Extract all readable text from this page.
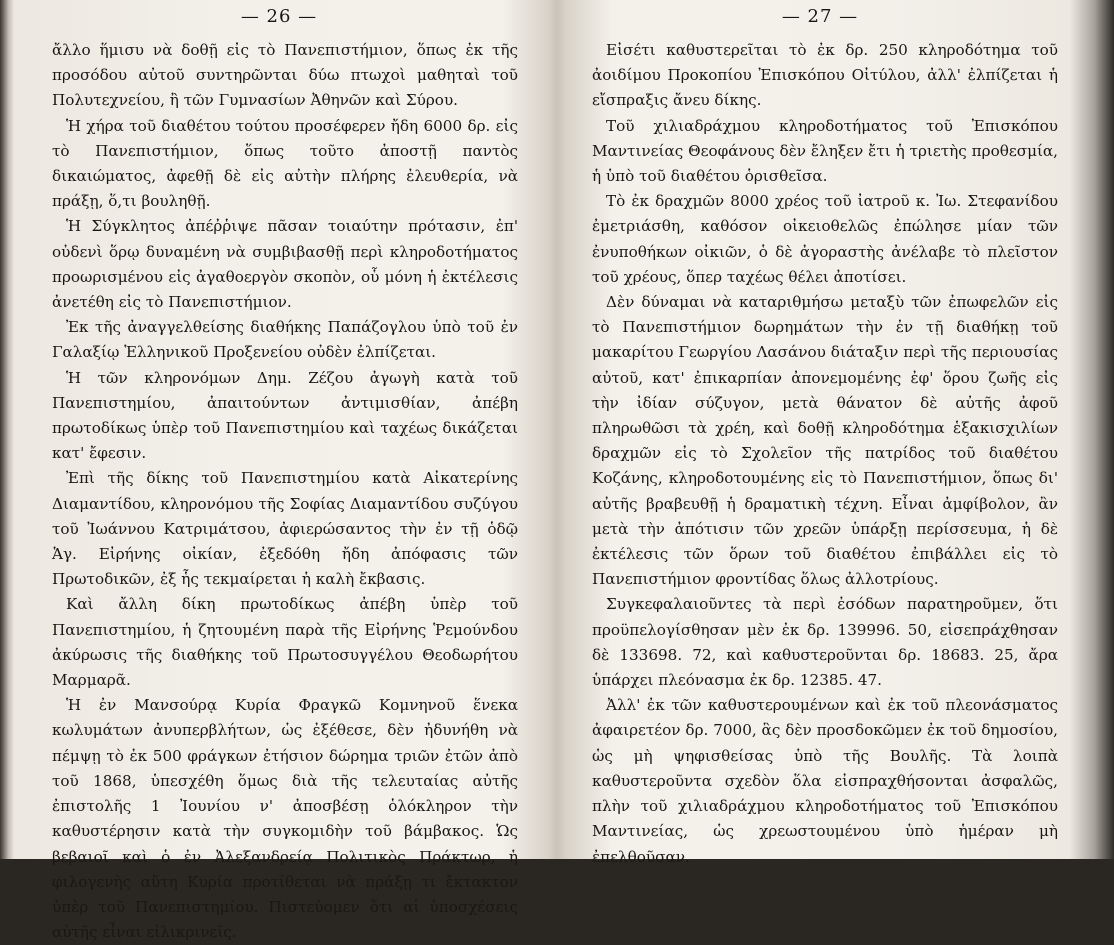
— 26 —

ἄλλο ἥμισυ νὰ δοθῇ εἰς τὸ Πανεπιστήμιον, ὅπως ἐκ τῆς προσόδου αὐτοῦ συντηρῶνται δύω πτωχοὶ μαθηταὶ τοῦ Πολυτεχνείου, ἢ τῶν Γυμνασίων Ἀθηνῶν καὶ Σύρου.

Ἡ χήρα τοῦ διαθέτου τούτου προσέφερεν ἤδη 6000 δρ. εἰς τὸ Πανεπιστήμιον, ὅπως τοῦτο ἀποστῇ παντὸς δικαιώματος, ἀφεθῇ δὲ εἰς αὐτὴν πλήρης ἐλευθερία, νὰ πράξῃ, ὅ,τι βουληθῇ.

Ἡ Σύγκλητος ἀπέῤῥιψε πᾶσαν τοιαύτην πρότασιν, ἐπ' οὐδενὶ ὅρῳ δυναμένη νὰ συμβιβασθῇ περὶ κληροδοτήματος προωρισμένου εἰς ἀγαθοεργὸν σκοπὸν, οὗ μόνη ἡ ἐκτέλεσις ἀνετέθη εἰς τὸ Πανεπιστήμιον.

Ἐκ τῆς ἀναγγελθείσης διαθήκης Παπάζογλου ὑπὸ τοῦ ἐν Γαλαξίῳ Ἑλληνικοῦ Προξενείου οὐδὲν ἐλπίζεται.

Ἡ τῶν κληρονόμων Δημ. Ζέζου ἀγωγὴ κατὰ τοῦ Πανεπιστημίου, ἀπαιτούντων ἀντιμισθίαν, ἀπέβη πρωτοδίκως ὑπὲρ τοῦ Πανεπιστημίου καὶ ταχέως δικάζεται κατ' ἔφεσιν.

Ἐπὶ τῆς δίκης τοῦ Πανεπιστημίου κατὰ Αἰκατερίνης Διαμαντίδου, κληρονόμου τῆς Σοφίας Διαμαντίδου συζύγου τοῦ Ἰωάννου Κατριμάτσου, ἀφιερώσαντος τὴν ἐν τῇ ὁδῷ Ἁγ. Εἰρήνης οἰκίαν, ἐξεδόθη ἤδη ἀπόφασις τῶν Πρωτοδικῶν, ἐξ ἧς τεκμαίρεται ἡ καλὴ ἔκβασις.

Καὶ ἄλλη δίκη πρωτοδίκως ἀπέβη ὑπὲρ τοῦ Πανεπιστημίου, ἡ ζητουμένη παρὰ τῆς Εἰρήνης Ῥεμούνδου ἀκύρωσις τῆς διαθήκης τοῦ Πρωτοσυγγέλου Θεοδωρήτου Μαρμαρᾶ.

Ἡ ἐν Μανσούρᾳ Κυρία Φραγκῶ Κομνηνοῦ ἕνεκα κωλυμάτων ἀνυπερβλήτων, ὡς ἐξέθεσε, δὲν ἠδυνήθη νὰ πέμψῃ τὸ ἐκ 500 φράγκων ἐτήσιον δώρημα τριῶν ἐτῶν ἀπὸ τοῦ 1868, ὑπεσχέθη ὅμως διὰ τῆς τελευταίας αὐτῆς ἐπιστολῆς 1 Ἰουνίου ν' ἀποσβέσῃ ὁλόκληρον τὴν καθυστέρησιν κατὰ τὴν συγκομιδὴν τοῦ βάμβακος. Ὡς βεβαιοῖ καὶ ὁ ἐν Ἀλεξανδρείᾳ Πολιτικὸς Πράκτωρ, ἡ φιλογενὴς αὕτη Κυρία προτίθεται νὰ πράξῃ τι ἔκτακτον ὑπὲρ τοῦ Πανεπιστημίου. Πιστεύομεν ὅτι αἱ ὑποσχέσεις αὐτῆς εἶναι εἰλικρινεῖς.

— 27 —

Εἰσέτι καθυστερεῖται τὸ ἐκ δρ. 250 κληροδότημα τοῦ ἀοιδίμου Προκοπίου Ἐπισκόπου Οἰτύλου, ἀλλ' ἐλπίζεται ἡ εἴσπραξις ἄνευ δίκης.

Τοῦ χιλιαδράχμου κληροδοτήματος τοῦ Ἐπισκόπου Μαντινείας Θεοφάνους δὲν ἔληξεν ἔτι ἡ τριετὴς προθεσμία, ἡ ὑπὸ τοῦ διαθέτου ὁρισθεῖσα.

Τὸ ἐκ δραχμῶν 8000 χρέος τοῦ ἰατροῦ κ. Ἰω. Στεφανίδου ἐμετριάσθη, καθόσον οἰκειοθελῶς ἐπώλησε μίαν τῶν ἐνυποθήκων οἰκιῶν, ὁ δὲ ἀγοραστὴς ἀνέλαβε τὸ πλεῖστον τοῦ χρέους, ὅπερ ταχέως θέλει ἀποτίσει.

Δὲν δύναμαι νὰ καταριθμήσω μεταξὺ τῶν ἐπωφελῶν εἰς τὸ Πανεπιστήμιον δωρημάτων τὴν ἐν τῇ διαθήκῃ τοῦ μακαρίτου Γεωργίου Λασάνου διάταξιν περὶ τῆς περιουσίας αὐτοῦ, κατ' ἐπικαρπίαν ἀπονεμομένης ἐφ' ὅρου ζωῆς εἰς τὴν ἰδίαν σύζυγον, μετὰ θάνατον δὲ αὐτῆς ἀφοῦ πληρωθῶσι τὰ χρέη, καὶ δοθῇ κληροδότημα ἑξακισχιλίων δραχμῶν εἰς τὸ Σχολεῖον τῆς πατρίδος τοῦ διαθέτου Κοζάνης, κληροδοτουμένης εἰς τὸ Πανεπιστήμιον, ὅπως δι' αὐτῆς βραβευθῇ ἡ δραματικὴ τέχνη. Εἶναι ἀμφίβολον, ἂν μετὰ τὴν ἀπότισιν τῶν χρεῶν ὑπάρξῃ περίσσευμα, ἡ δὲ ἐκτέλεσις τῶν ὅρων τοῦ διαθέτου ἐπιβάλλει εἰς τὸ Πανεπιστήμιον φροντίδας ὅλως ἀλλοτρίους.

Συγκεφαλαιοῦντες τὰ περὶ ἐσόδων παρατηροῦμεν, ὅτι προϋπελογίσθησαν μὲν ἐκ δρ. 139996. 50, εἰσεπράχθησαν δὲ 133698. 72, καὶ καθυστεροῦνται δρ. 18683. 25, ἄρα ὑπάρχει πλεόνασμα ἐκ δρ. 12385. 47.

Ἀλλ' ἐκ τῶν καθυστερουμένων καὶ ἐκ τοῦ πλεονάσματος ἀφαιρετέον δρ. 7000, ἃς δὲν προσδοκῶμεν ἐκ τοῦ δημοσίου, ὡς μὴ ψηφισθείσας ὑπὸ τῆς Βουλῆς. Τὰ λοιπὰ καθυστεροῦντα σχεδὸν ὅλα εἰσπραχθήσονται ἀσφαλῶς, πλὴν τοῦ χιλιαδράχμου κληροδοτήματος τοῦ Ἐπισκόπου Μαντινείας, ὡς χρεωστουμένου ὑπὸ ἡμέραν μὴ ἐπελθοῦσαν.
